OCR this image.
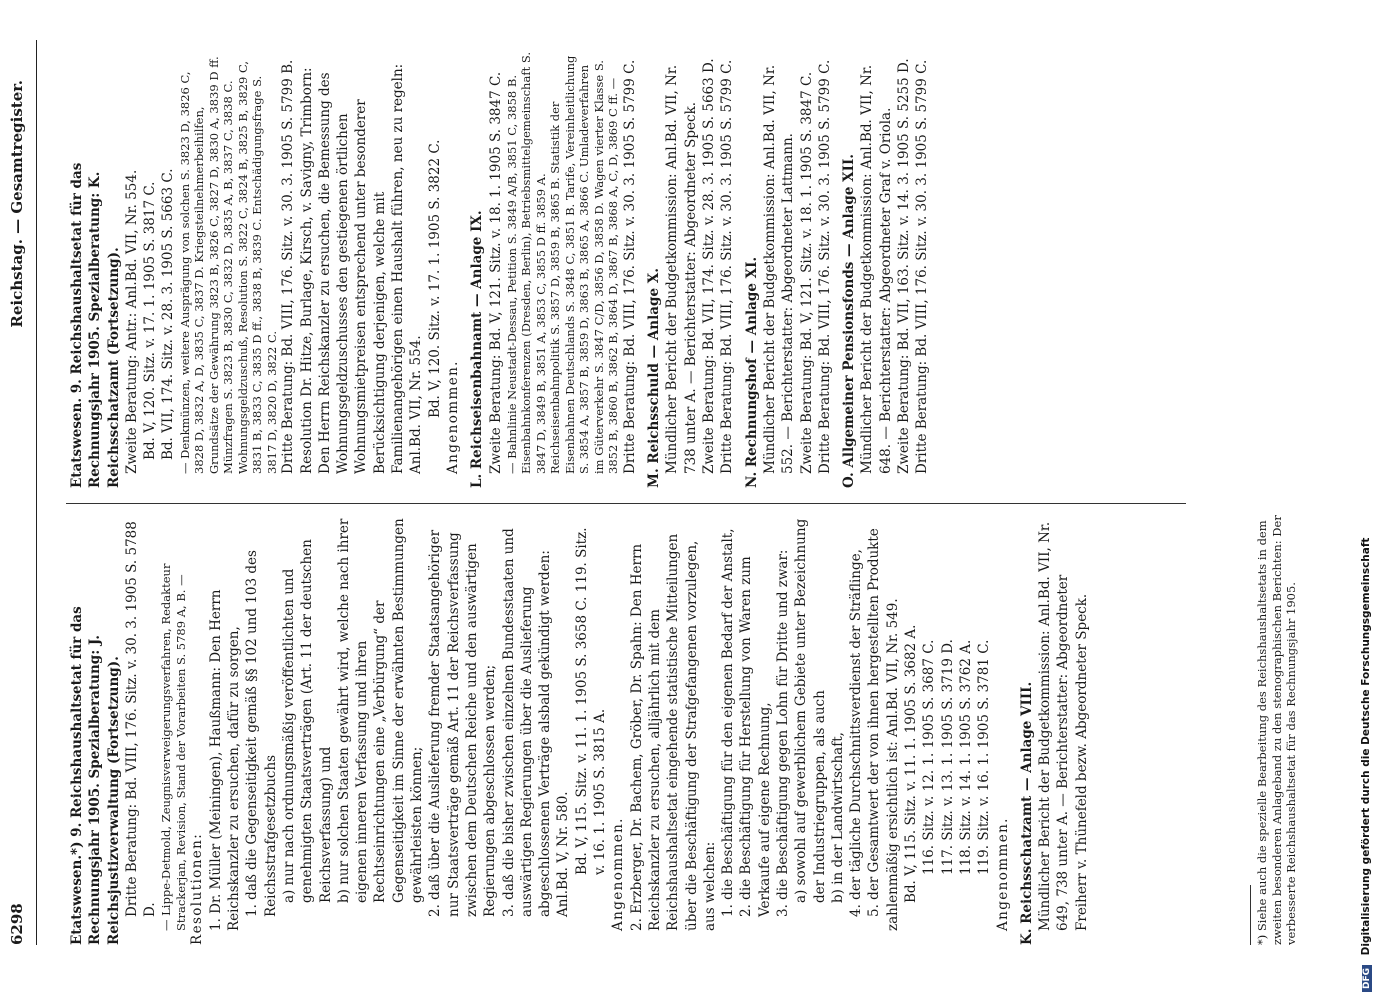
6298
Reichstag. — Gesamtregister.

Etatswesen.*) 9. Reichshaushaltsetat für das Rechnungsjahr 1905. Spezialberatung: J. Reichsjustizverwaltung (Fortsetzung). Dritte Beratung: Bd. VIII, 176. Sitz. v. 30. 3. 1905 S. 5788 D. — Lippe-Detmold, Zeugnisverweigerungsverfahren, Redakteur Strackerjan, Revision, Stand der Vorarbeiten S. 5789 A, B. — Resolutionen: 1. Dr. Müller (Meiningen), Haußmann: Den Herrn Reichskanzler zu ersuchen, dafür zu sorgen, 1. daß die Gegenseitigkeit gemäß §§ 102 und 103 des Reichsstrafgesetzbuchs a) nur nach ordnungsmäßig veröffentlichten und genehmigten Staatsverträgen (Art. 11 der deutschen Reichsverfassung) und b) nur solchen Staaten gewährt wird, welche nach ihrer eigenen inneren Verfassung und ihren Rechtseinrichtungen eine „Verbürgung“ der Gegenseitigkeit im Sinne der erwähnten Bestimmungen gewährleisten können; 2. daß über die Auslieferung fremder Staatsangehöriger nur Staatsverträge gemäß Art. 11 der Reichsverfassung zwischen dem Deutschen Reiche und den auswärtigen Regierungen abgeschlossen werden; 3. daß die bisher zwischen einzelnen Bundesstaaten und auswärtigen Regierungen über die Auslieferung abgeschlossenen Verträge alsbald gekündigt werden: Anl.Bd. V, Nr. 580. Bd. V, 115. Sitz. v. 11. 1. 1905 S. 3658 C. 119. Sitz. v. 16. 1. 1905 S. 3815 A. Angenommen. 2. Erzberger, Dr. Bachem, Gröber, Dr. Spahn: Den Herrn Reichskanzler zu ersuchen, alljährlich mit dem Reichshaushaltsetat eingehende statistische Mitteilungen über die Beschäftigung der Strafgefangenen vorzulegen, aus welchen: 1. die Beschäftigung für den eigenen Bedarf der Anstalt, 2. die Beschäftigung für Herstellung von Waren zum Verkaufe auf eigene Rechnung, 3. die Beschäftigung gegen Lohn für Dritte und zwar: a) sowohl auf gewerblichem Gebiete unter Bezeichnung der Industriegruppen, als auch b) in der Landwirtschaft, 4. der tägliche Durchschnittsverdienst der Sträflinge, 5. der Gesamtwert der von ihnen hergestellten Produkte zahlenmäßig ersichtlich ist: Anl.Bd. VII, Nr. 549. Bd. V, 115. Sitz. v. 11. 1. 1905 S. 3682 A. 116. Sitz. v. 12. 1. 1905 S. 3687 C. 117. Sitz. v. 13. 1. 1905 S. 3719 D. 118. Sitz. v. 14. 1. 1905 S. 3762 A. 119. Sitz. v. 16. 1. 1905 S. 3781 C. Angenommen. K. Reichsschatzamt — Anlage VIII. Mündlicher Bericht der Budgetkommission: Anl.Bd. VII, Nr. 649, 738 unter A. — Berichterstatter: Abgeordneter Freiherr v. Thünefeld bezw. Abgeordneter Speck.

Etatswesen. 9. Reichshaushaltsetat für das Rechnungsjahr 1905. Spezialberatung: K. Reichsschatzamt (Fortsetzung). Zweite Beratung: Antr.: Anl.Bd. VII, Nr. 554. Bd. V, 120. Sitz. v. 17. 1. 1905 S. 3817 C. Bd. VII, 174. Sitz. v. 28. 3. 1905 S. 5663 C. — Denkmünzen, weitere Ausprägung von solchen S. 3823 D, 3826 C, 3828 D, 3832 A, D, 3835 C, 3837 D. Kriegsteilnehmerbeihilfen, Grundsätze der Gewährung 3823 B, 3826 C, 3827 D, 3830 A, 3839 D ff. Münzfragen S. 3823 B, 3830 C, 3832 D, 3835 A, B, 3837 C, 3838 C. Wohnungsgeldzuschuß, Resolution S. 3822 C, 3824 B, 3825 B, 3829 C, 3831 B, 3833 C, 3835 D ff., 3838 B, 3839 C. Entschädigungsfrage S. 3817 D, 3820 D, 3822 C. Dritte Beratung: Bd. VIII, 176. Sitz. v. 30. 3. 1905 S. 5799 B. Resolution Dr. Hitze, Burlage, Kirsch, v. Savigny, Trimborn: Den Herrn Reichskanzler zu ersuchen, die Bemessung des Wohnungsgeldzuschusses den gestiegenen örtlichen Wohnungsmietpreisen entsprechend unter besonderer Berücksichtigung derjenigen, welche mit Familienangehörigen einen Haushalt führen, neu zu regeln: Anl.Bd. VII, Nr. 554. Bd. V, 120. Sitz. v. 17. 1. 1905 S. 3822 C. Angenommen. L. Reichseisenbahnamt — Anlage IX. Zweite Beratung: Bd. V, 121. Sitz. v. 18. 1. 1905 S. 3847 C. — Bahnlinie Neustadt-Dessau, Petition S. 3849 A/B, 3851 C, 3858 B. Eisenbahnkonferenzen (Dresden, Berlin), Betriebsmittelgemeinschaft S. 3847 D, 3849 B, 3851 A, 3853 C, 3855 D ff. 3859 A. Reichseisenbahnpolitik S. 3857 D, 3859 B, 3865 B. Statistik der Eisenbahnen Deutschlands S. 3848 C, 3851 B. Tarife, Vereinheitlichung S. 3854 A, 3857 B, 3859 D, 3863 B, 3865 A, 3866 C. Umladeverfahren im Güterverkehr S. 3847 C/D, 3856 D, 3858 D. Wagen vierter Klasse S. 3852 B, 3860 B, 3862 B, 3864 D, 3867 B, 3868 A, C, D, 3869 C ff. — Dritte Beratung: Bd. VIII, 176. Sitz. v. 30. 3. 1905 S. 5799 C. M. Reichsschuld — Anlage X. Mündlicher Bericht der Budgetkommission: Anl.Bd. VII, Nr. 738 unter A. — Berichterstatter: Abgeordneter Speck. Zweite Beratung: Bd. VII, 174. Sitz. v. 28. 3. 1905 S. 5663 D. Dritte Beratung: Bd. VIII, 176. Sitz. v. 30. 3. 1905 S. 5799 C. N. Rechnungshof — Anlage XI. Mündlicher Bericht der Budgetkommission: Anl.Bd. VII, Nr. 552. — Berichterstatter: Abgeordneter Lattmann. Zweite Beratung: Bd. V, 121. Sitz. v. 18. 1. 1905 S. 3847 C. Dritte Beratung: Bd. VIII, 176. Sitz. v. 30. 3. 1905 S. 5799 C. O. Allgemeiner Pensionsfonds — Anlage XII. Mündlicher Bericht der Budgetkommission: Anl.Bd. VII, Nr. 648. — Berichterstatter: Abgeordneter Graf v. Oriola. Zweite Beratung: Bd. VII, 163. Sitz. v. 14. 3. 1905 S. 5255 D. Dritte Beratung: Bd. VIII, 176. Sitz. v. 30. 3. 1905 S. 5799 C.

*) Siehe auch die spezielle Bearbeitung des Reichshaushaltsetats in dem zweiten besonderen Anlageband zu den stenographischen Berichten: Der verbesserte Reichshaushaltsetat für das Rechnungsjahr 1905.

DFG Digitalisierung gefördert durch die Deutsche Forschungsgemeinschaft
